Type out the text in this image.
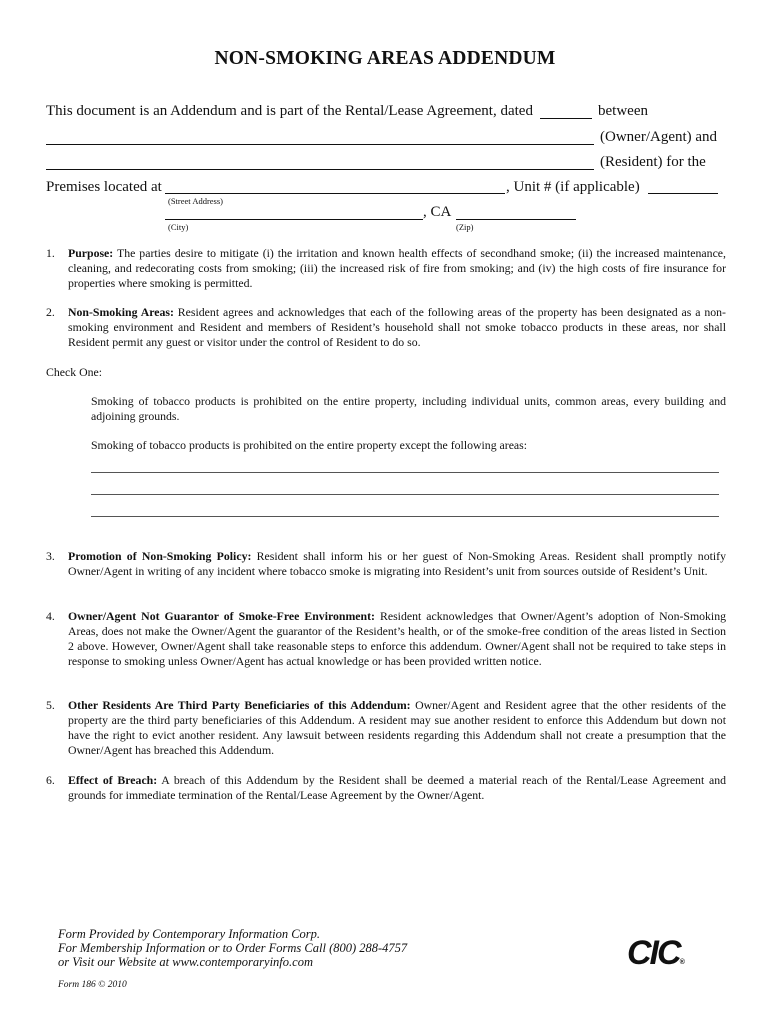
NON-SMOKING AREAS ADDENDUM
This document is an Addendum and is part of the Rental/Lease Agreement, dated	between
(Owner/Agent) and
(Resident) for the
Premises located at	, Unit # (if applicable)
(Street Address)
, CA
(City)	(Zip)
1. Purpose: The parties desire to mitigate (i) the irritation and known health effects of secondhand smoke; (ii) the increased maintenance, cleaning, and redecorating costs from smoking; (iii) the increased risk of fire from smoking; and (iv) the high costs of fire insurance for properties where smoking is permitted.
2. Non-Smoking Areas: Resident agrees and acknowledges that each of the following areas of the property has been designated as a non-smoking environment and Resident and members of Resident’s household shall not smoke tobacco products in these areas, nor shall Resident permit any guest or visitor under the control of Resident to do so.
Check One:
Smoking of tobacco products is prohibited on the entire property, including individual units, common areas, every building and adjoining grounds.
Smoking of tobacco products is prohibited on the entire property except the following areas:
3. Promotion of Non-Smoking Policy: Resident shall inform his or her guest of Non-Smoking Areas. Resident shall promptly notify Owner/Agent in writing of any incident where tobacco smoke is migrating into Resident’s unit from sources outside of Resident’s Unit.
4. Owner/Agent Not Guarantor of Smoke-Free Environment: Resident acknowledges that Owner/Agent’s adoption of Non-Smoking Areas, does not make the Owner/Agent the guarantor of the Resident’s health, or of the smoke-free condition of the areas listed in Section 2 above. However, Owner/Agent shall take reasonable steps to enforce this addendum. Owner/Agent shall not be required to take steps in response to smoking unless Owner/Agent has actual knowledge or has been provided written notice.
5. Other Residents Are Third Party Beneficiaries of this Addendum: Owner/Agent and Resident agree that the other residents of the property are the third party beneficiaries of this Addendum. A resident may sue another resident to enforce this Addendum but down not have the right to evict another resident. Any lawsuit between residents regarding this Addendum shall not create a presumption that the Owner/Agent has breached this Addendum.
6. Effect of Breach: A breach of this Addendum by the Resident shall be deemed a material reach of the Rental/Lease Agreement and grounds for immediate termination of the Rental/Lease Agreement by the Owner/Agent.
Form Provided by Contemporary Information Corp.
For Membership Information or to Order Forms Call (800) 288-4757
or Visit our Website at www.contemporaryinfo.com
Form 186 © 2010
CIC®
